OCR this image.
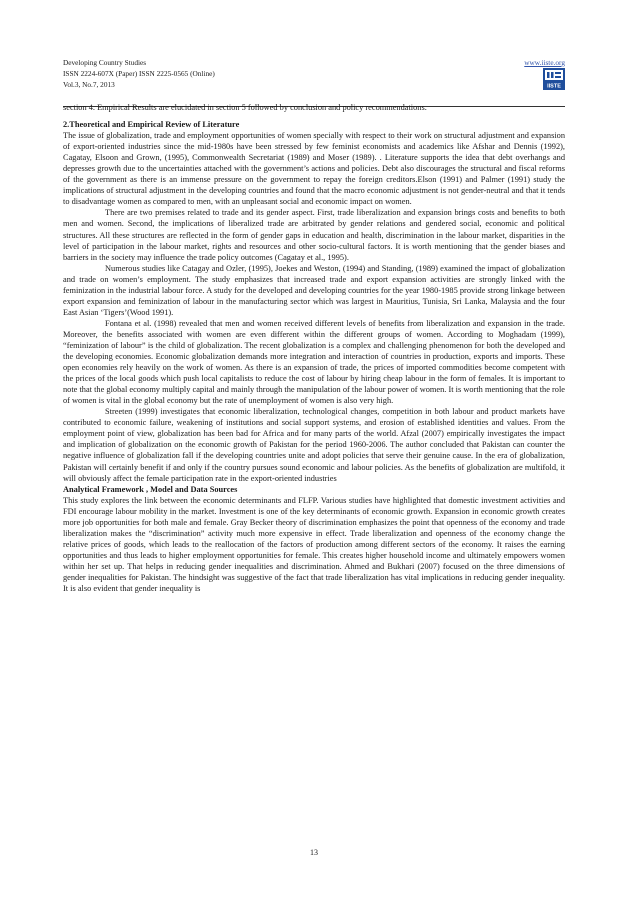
Developing Country Studies
ISSN 2224-607X (Paper) ISSN 2225-0565 (Online)
Vol.3, No.7, 2013
www.iiste.org
IISTE

section 4. Empirical Results are elucidated in section 5 followed by conclusion and policy recommendations.

2.Theoretical and Empirical Review of Literature

The issue of globalization, trade and employment opportunities of women specially with respect to their work on structural adjustment and expansion of export-oriented industries since the mid-1980s have been stressed by few feminist economists and academics like Afshar and Dennis (1992), Cagatay, Elsoon and Grown, (1995), Commonwealth Secretariat (1989) and Moser (1989). . Literature supports the idea that debt overhangs and depresses growth due to the uncertainties attached with the government’s actions and policies. Debt also discourages the structural and fiscal reforms of the government as there is an immense pressure on the government to repay the foreign creditors.Elson (1991) and Palmer (1991) study the implications of structural adjustment in the developing countries and found that the macro economic adjustment is not gender-neutral and that it tends to disadvantage women as compared to men, with an unpleasant social and economic impact on women.

There are two premises related to trade and its gender aspect. First, trade liberalization and expansion brings costs and benefits to both men and women. Second, the implications of liberalized trade are arbitrated by gender relations and gendered social, economic and political structures. All these structures are reflected in the form of gender gaps in education and health, discrimination in the labour market, disparities in the level of participation in the labour market, rights and resources and other socio-cultural factors. It is worth mentioning that the gender biases and barriers in the society may influence the trade policy outcomes (Cagatay et al., 1995).

Numerous studies like Catagay and Ozler, (1995), Joekes and Weston, (1994) and Standing, (1989) examined the impact of globalization and trade on women’s employment. The study emphasizes that increased trade and export expansion activities are strongly linked with the feminization in the industrial labour force. A study for the developed and developing countries for the year 1980-1985 provide strong linkage between export expansion and feminization of labour in the manufacturing sector which was largest in Mauritius, Tunisia, Sri Lanka, Malaysia and the four East Asian ‘Tigers’(Wood 1991).

Fontana et al. (1998) revealed that men and women received different levels of benefits from liberalization and expansion in the trade. Moreover, the benefits associated with women are even different within the different groups of women. According to Moghadam (1999), “feminization of labour” is the child of globalization. The recent globalization is a complex and challenging phenomenon for both the developed and the developing economies. Economic globalization demands more integration and interaction of countries in production, exports and imports. These open economies rely heavily on the work of women. As there is an expansion of trade, the prices of imported commodities become competent with the prices of the local goods which push local capitalists to reduce the cost of labour by hiring cheap labour in the form of females. It is important to note that the global economy multiply capital and mainly through the manipulation of the labour power of women. It is worth mentioning that the role of women is vital in the global economy but the rate of unemployment of women is also very high.

Streeten (1999) investigates that economic liberalization, technological changes, competition in both labour and product markets have contributed to economic failure, weakening of institutions and social support systems, and erosion of established identities and values. From the employment point of view, globalization has been bad for Africa and for many parts of the world. Afzal (2007) empirically investigates the impact and implication of globalization on the economic growth of Pakistan for the period 1960-2006. The author concluded that Pakistan can counter the negative influence of globalization fall if the developing countries unite and adopt policies that serve their genuine cause. In the era of globalization, Pakistan will certainly benefit if and only if the country pursues sound economic and labour policies. As the benefits of globalization are multifold, it will obviously affect the female participation rate in the export-oriented industries

Analytical Framework , Model and Data Sources

This study explores the link between the economic determinants and FLFP. Various studies have highlighted that domestic investment activities and FDI encourage labour mobility in the market. Investment is one of the key determinants of economic growth. Expansion in economic growth creates more job opportunities for both male and female. Gray Becker theory of discrimination emphasizes the point that openness of the economy and trade liberalization makes the “discrimination” activity much more expensive in effect. Trade liberalization and openness of the economy change the relative prices of goods, which leads to the reallocation of the factors of production among different sectors of the economy. It raises the earning opportunities and thus leads to higher employment opportunities for female. This creates higher household income and ultimately empowers women within her set up. That helps in reducing gender inequalities and discrimination. Ahmed and Bukhari (2007) focused on the three dimensions of gender inequalities for Pakistan. The hindsight was suggestive of the fact that trade liberalization has vital implications in reducing gender inequality. It is also evident that gender inequality is

13
